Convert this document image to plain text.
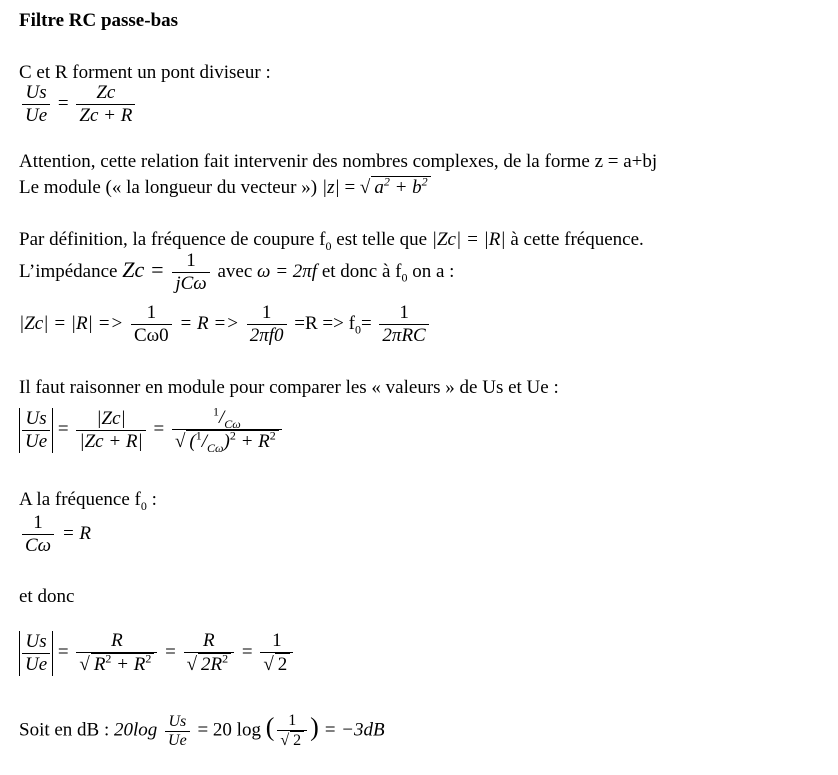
Filtre RC passe-bas
C et R forment un pont diviseur :
$\frac{Us}{Ue} = \frac{Zc}{Zc + R}$
Attention, cette relation fait intervenir des nombres complexes, de la forme z = a+bj
Le module (« la longueur du vecteur ») |z| = √ $a^2 + b^2$
Par définition, la fréquence de coupure $f_0$ est telle que |Zc| = |R| à cette fréquence.
L’impédance $Zc = \frac{1}{\text{jCω}}$ avec ω = 2πf et donc à $f_0$ on a :
$|Zc| = |R| => \frac{1}{C\omega 0} = R => \frac{1}{2\pi f0} =R => f_0= \frac{1}{\text{2πRC}}$
Il faut raisonner en module pour comparer les « valeurs » de Us et Ue :
$\frac{Us}{Ue} = \frac{|Zc|}{|Zc + R|} = \frac{^1/_{C\omega}}{√ (^1/_{C\omega})^2 + R^2}$
A la fréquence $f_0$ :
$\frac{1}{C\omega} = R$
et donc
$\frac{Us}{Ue} = \frac{R}{√ R^2 + R^2} = \frac{R}{√ 2R^2} = \frac{1}{√ 2}$
Soit en dB : $20\log \frac{Us}{Ue} = 20$ log ( $\frac{1}{√ 2}$ ) = −3dB
